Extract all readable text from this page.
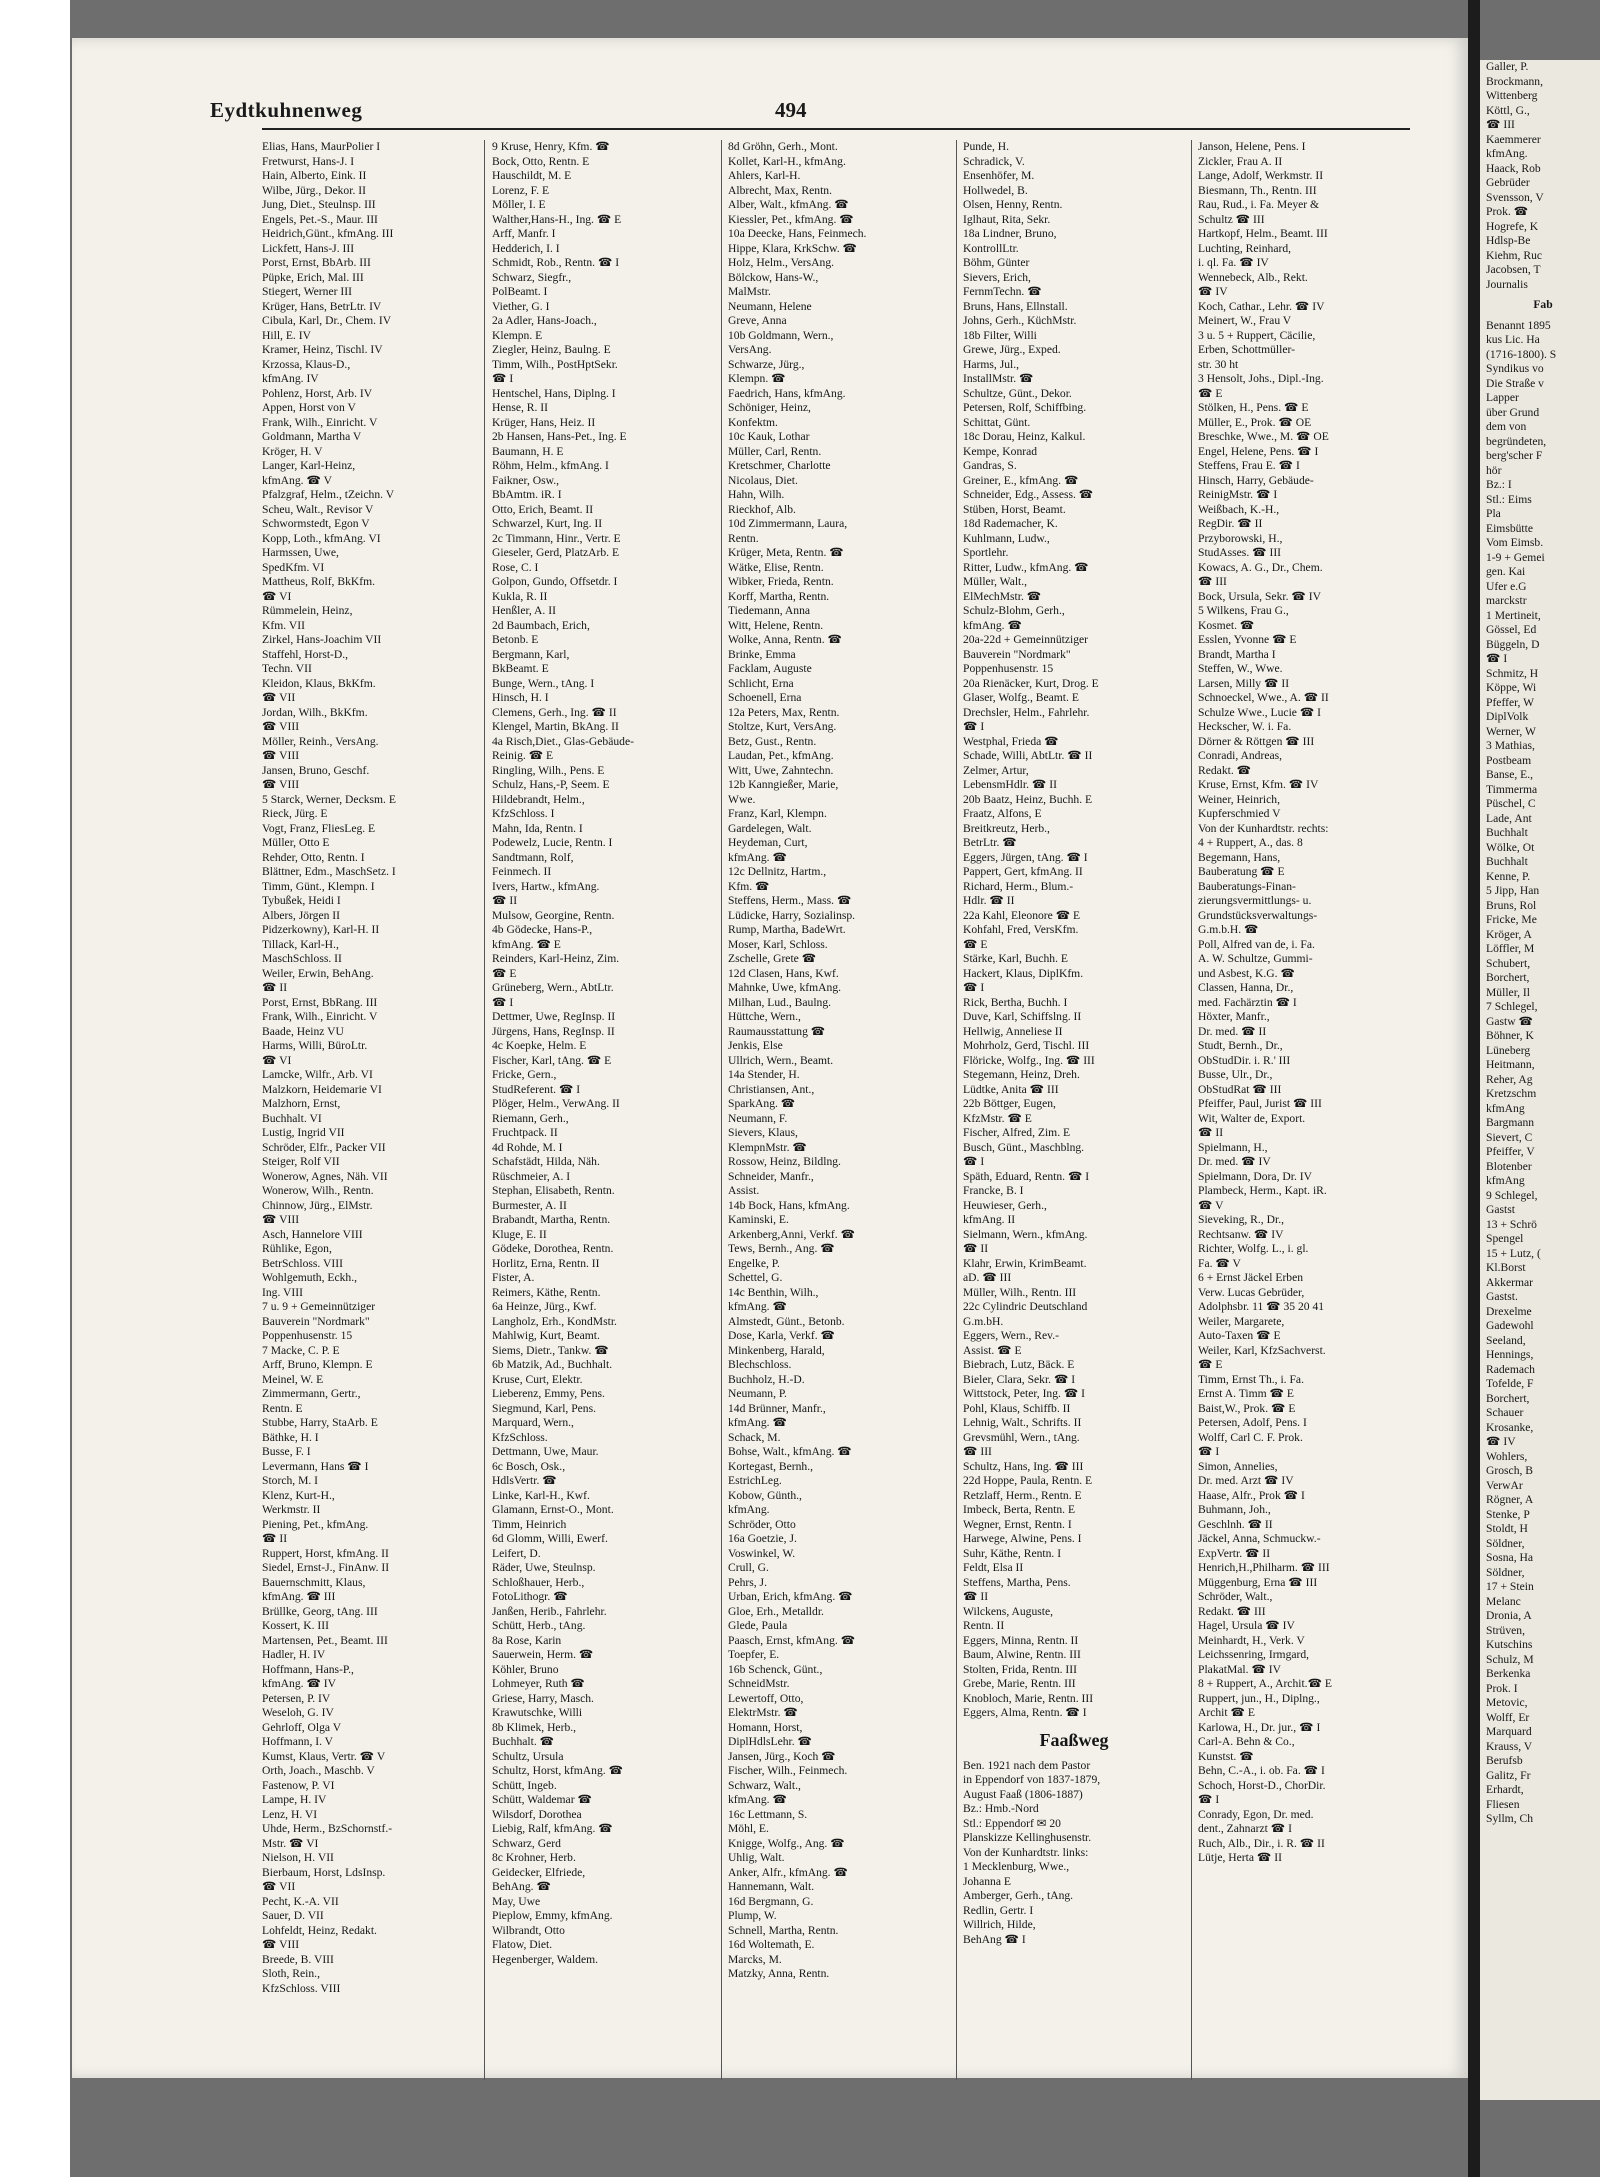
Eydtkuhnenweg	494
Elias, Hans, MaurPolier I
Fretwurst, Hans-J. I
Hain, Alberto, Eink. II
Wilbe, Jürg., Dekor. II
Jung, Diet., Steulnsp. III
Engels, Pet.-S., Maur. III
Heidrich,Günt., kfmAng. III
Lickfett, Hans-J. III
Porst, Ernst, BbArb. III
Püpke, Erich, Mal. III
Stiegert, Werner III
Krüger, Hans, BetrLtr. IV
Cibula, Karl, Dr., Chem. IV
Hill, E. IV
Kramer, Heinz, Tischl. IV
Krzossa, Klaus-D.,
kfmAng. IV
Pohlenz, Horst, Arb. IV
Appen, Horst von V
Frank, Wilh., Einricht. V
Goldmann, Martha V
Kröger, H. V
Langer, Karl-Heinz,
kfmAng. ☎ V
Pfalzgraf, Helm., tZeichn. V
Scheu, Walt., Revisor V
Schwormstedt, Egon V
Kopp, Loth., kfmAng. VI
Harmssen, Uwe,
SpedKfm. VI
Mattheus, Rolf, BkKfm.
☎ VI
Rümmelein, Heinz,
Kfm. VII
Zirkel, Hans-Joachim VII
Staffehl, Horst-D.,
Techn. VII
Kleidon, Klaus, BkKfm.
☎ VII
Jordan, Wilh., BkKfm.
☎ VIII
Möller, Reinh., VersAng.
☎ VIII
Jansen, Bruno, Geschf.
☎ VIII
5 Starck, Werner, Decksm. E
Rieck, Jürg. E
Vogt, Franz, FliesLeg. E
Müller, Otto E
Rehder, Otto, Rentn. I
Blättner, Edm., MaschSetz. I
Timm, Günt., Klempn. I
Tybußek, Heidi I
Albers, Jörgen II
Pidzerkowny), Karl-H. II
Tillack, Karl-H.,
MaschSchloss. II
Weiler, Erwin, BehAng.
☎ II
Porst, Ernst, BbRang. III
Frank, Wilh., Einricht. V
Baade, Heinz VU
Harms, Willi, BüroLtr.
☎ VI
Lamcke, Wilfr., Arb. VI
Malzkorn, Heidemarie VI
Malzhorn, Ernst,
Buchhalt. VI
Lustig, Ingrid VII
Schröder, Elfr., Packer VII
Steiger, Rolf VII
Wonerow, Agnes, Näh. VII
Wonerow, Wilh., Rentn.
Chinnow, Jürg., ElMstr.
☎ VIII
Asch, Hannelore VIII
Rühlike, Egon,
BetrSchloss. VIII
Wohlgemuth, Eckh.,
Ing. VIII
7 u. 9 + Gemeinnütziger
Bauverein "Nordmark"
Poppenhusenstr. 15
7 Macke, C. P. E
Arff, Bruno, Klempn. E
Meinel, W. E
Zimmermann, Gertr.,
Rentn. E
Stubbe, Harry, StaArb. E
Bäthke, H. I
Busse, F. I
Levermann, Hans ☎ I
Storch, M. I
Klenz, Kurt-H.,
Werkmstr. II
Piening, Pet., kfmAng.
☎ II
Ruppert, Horst, kfmAng. II
Siedel, Ernst-J., FinAnw. II
Bauernschmitt, Klaus,
kfmAng. ☎ III
Brüllke, Georg, tAng. III
Kossert, K. III
Martensen, Pet., Beamt. III
Hadler, H. IV
Hoffmann, Hans-P.,
kfmAng. ☎ IV
Petersen, P. IV
Weseloh, G. IV
Gehrloff, Olga V
Hoffmann, I. V
Kumst, Klaus, Vertr. ☎ V
Orth, Joach., Maschb. V
Fastenow, P. VI
Lampe, H. IV
Lenz, H. VI
Uhde, Herm., BzSchornstf.-
Mstr. ☎ VI
Nielson, H. VII
Bierbaum, Horst, LdsInsp.
☎ VII
Pecht, K.-A. VII
Sauer, D. VII
Lohfeldt, Heinz, Redakt.
☎ VIII
Breede, B. VIII
Sloth, Rein.,
KfzSchloss. VIII
9 Kruse, Henry, Kfm. ☎
Bock, Otto, Rentn. E
Hauschildt, M. E
Lorenz, F. E
Möller, I. E
Walther,Hans-H., Ing. ☎ E
Arff, Manfr. I
Hedderich, I. I
Schmidt, Rob., Rentn. ☎ I
Schwarz, Siegfr.,
PolBeamt. I
Viether, G. I
2a Adler, Hans-Joach.,
Klempn. E
Ziegler, Heinz, Baulng. E
Timm, Wilh., PostHptSekr.
☎ I
Hentschel, Hans, Diplng. I
Hense, R. II
Krüger, Hans, Heiz. II
2b Hansen, Hans-Pet., Ing. E
Baumann, H. E
Röhm, Helm., kfmAng. I
Faikner, Osw.,
BbAmtm. iR. I
Otto, Erich, Beamt. II
Schwarzel, Kurt, Ing. II
2c Timmann, Hinr., Vertr. E
Gieseler, Gerd, PlatzArb. E
Rose, C. I
Golpon, Gundo, Offsetdr. I
Kukla, R. II
Henßler, A. II
2d Baumbach, Erich,
Betonb. E
Bergmann, Karl,
BkBeamt. E
Bunge, Wern., tAng. I
Hinsch, H. I
Clemens, Gerh., Ing. ☎ II
Klengel, Martin, BkAng. II
4a Risch,Diet., Glas-Gebäude-
Reinig. ☎ E
Ringling, Wilh., Pens. E
Schulz, Hans,-P, Seem. E
Hildebrandt, Helm.,
KfzSchloss. I
Mahn, Ida, Rentn. I
Podewelz, Lucie, Rentn. I
Sandtmann, Rolf,
Feinmech. II
Ivers, Hartw., kfmAng.
☎ II
Mulsow, Georgine, Rentn.
4b Gödecke, Hans-P.,
kfmAng. ☎ E
Reinders, Karl-Heinz, Zim.
☎ E
Grüneberg, Wern., AbtLtr.
☎ I
Dettmer, Uwe, RegInsp. II
Jürgens, Hans, RegInsp. II
4c Koepke, Helm. E
Fischer, Karl, tAng. ☎ E
Fricke, Gern.,
StudReferent. ☎ I
Plöger, Helm., VerwAng. II
Riemann, Gerh.,
Fruchtpack. II
4d Rohde, M. I
Schafstädt, Hilda, Näh.
Rüschmeier, A. I
Stephan, Elisabeth, Rentn.
Burmester, A. II
Brabandt, Martha, Rentn.
Kluge, E. II
Gödeke, Dorothea, Rentn.
Horlitz, Erna, Rentn. II
Fister, A.
Reimers, Käthe, Rentn.
6a Heinze, Jürg., Kwf.
Langholz, Erh., KondMstr.
Mahlwig, Kurt, Beamt.
Siems, Dietr., Tankw. ☎
6b Matzik, Ad., Buchhalt.
Kruse, Curt, Elektr.
Lieberenz, Emmy, Pens.
Siegmund, Karl, Pens.
Marquard, Wern.,
KfzSchloss.
Dettmann, Uwe, Maur.
6c Bosch, Osk.,
HdlsVertr. ☎
Linke, Karl-H., Kwf.
Glamann, Ernst-O., Mont.
Timm, Heinrich
6d Glomm, Willi, Ewerf.
Leifert, D.
Räder, Uwe, Steulnsp.
Schloßhauer, Herb.,
FotoLithogr. ☎
Janßen, Herib., Fahrlehr.
Schütt, Herb., tAng.
8a Rose, Karin
Sauerwein, Herm. ☎
Köhler, Bruno
Lohmeyer, Ruth ☎
Griese, Harry, Masch.
Krawutschke, Willi
8b Klimek, Herb.,
Buchhalt. ☎
Schultz, Ursula
Schultz, Horst, kfmAng. ☎
Schütt, Ingeb.
Schütt, Waldemar ☎
Wilsdorf, Dorothea
Liebig, Ralf, kfmAng. ☎
Schwarz, Gerd
8c Krohner, Herb.
Geidecker, Elfriede,
BehAng. ☎
May, Uwe
Pieplow, Emmy, kfmAng.
Wilbrandt, Otto
Flatow, Diet.
Hegenberger, Waldem.
8d Gröhn, Gerh., Mont.
Kollet, Karl-H., kfmAng.
Ahlers, Karl-H.
Albrecht, Max, Rentn.
Alber, Walt., kfmAng. ☎
Kiessler, Pet., kfmAng. ☎
10a Deecke, Hans, Feinmech.
Hippe, Klara, KrkSchw. ☎
Holz, Helm., VersAng.
Bölckow, Hans-W.,
MalMstr.
Neumann, Helene
Greve, Anna
10b Goldmann, Wern.,
VersAng.
Schwarze, Jürg.,
Klempn. ☎
Faedrich, Hans, kfmAng.
Schöniger, Heinz,
Konfektm.
10c Kauk, Lothar
Müller, Carl, Rentn.
Kretschmer, Charlotte
Nicolaus, Diet.
Hahn, Wilh.
Rieckhof, Alb.
10d Zimmermann, Laura,
Rentn.
Krüger, Meta, Rentn. ☎
Wätke, Elise, Rentn.
Wibker, Frieda, Rentn.
Korff, Martha, Rentn.
Tiedemann, Anna
Witt, Helene, Rentn.
Wolke, Anna, Rentn. ☎
Brinke, Emma
Facklam, Auguste
Schlicht, Erna
Schoenell, Erna
12a Peters, Max, Rentn.
Stoltze, Kurt, VersAng.
Betz, Gust., Rentn.
Laudan, Pet., kfmAng.
Witt, Uwe, Zahntechn.
12b Kanngießer, Marie,
Wwe.
Franz, Karl, Klempn.
Gardelegen, Walt.
Heydeman, Curt,
kfmAng. ☎
12c Dellnitz, Hartm.,
Kfm. ☎
Steffens, Herm., Mass. ☎
Lüdicke, Harry, Sozialinsp.
Rump, Martha, BadeWrt.
Moser, Karl, Schloss.
Zschelle, Grete ☎
12d Clasen, Hans, Kwf.
Mahnke, Uwe, kfmAng.
Milhan, Lud., Baulng.
Hüttche, Wern.,
Raumausstattung ☎
Jenkis, Else
Ullrich, Wern., Beamt.
14a Stender, H.
Christiansen, Ant.,
SparkAng. ☎
Neumann, F.
Sievers, Klaus,
KlempnMstr. ☎
Rossow, Heinz, Bildlng.
Schneider, Manfr.,
Assist.
14b Bock, Hans, kfmAng.
Kaminski, E.
Arkenberg,Anni, Verkf. ☎
Tews, Bernh., Ang. ☎
Engelke, P.
Schettel, G.
14c Benthin, Wilh.,
kfmAng. ☎
Almstedt, Günt., Betonb.
Dose, Karla, Verkf. ☎
Minkenberg, Harald,
Blechschloss.
Buchholz, H.-D.
Neumann, P.
14d Brünner, Manfr.,
kfmAng. ☎
Schack, M.
Bohse, Walt., kfmAng. ☎
Kortegast, Bernh.,
EstrichLeg.
Kobow, Günth.,
kfmAng.
Schröder, Otto
16a Goetzie, J.
Voswinkel, W.
Crull, G.
Pehrs, J.
Urban, Erich, kfmAng. ☎
Gloe, Erh., Metalldr.
Glede, Paula
Paasch, Ernst, kfmAng. ☎
Toepfer, E.
16b Schenck, Günt.,
SchneidMstr.
Lewertoff, Otto,
ElektrMstr. ☎
Homann, Horst,
DiplHdlsLehr. ☎
Jansen, Jürg., Koch ☎
Fischer, Wilh., Feinmech.
Schwarz, Walt.,
kfmAng. ☎
16c Lettmann, S.
Möhl, E.
Knigge, Wolfg., Ang. ☎
Uhlig, Walt.
Anker, Alfr., kfmAng. ☎
Hannemann, Walt.
16d Bergmann, G.
Plump, W.
Schnell, Martha, Rentn.
16d Woltemath, E.
Marcks, M.
Matzky, Anna, Rentn.
Punde, H.
Schradick, V.
Ensenhöfer, M.
Hollwedel, B.
Olsen, Henny, Rentn.
Iglhaut, Rita, Sekr.
18a Lindner, Bruno,
KontrollLtr.
Böhm, Günter
Sievers, Erich,
FernmTechn. ☎
Bruns, Hans, Ellnstall.
Johns, Gerh., KüchMstr.
18b Filter, Willi
Grewe, Jürg., Exped.
Harms, Jul.,
InstallMstr. ☎
Schultze, Günt., Dekor.
Petersen, Rolf, Schiffbing.
Schittat, Günt.
18c Dorau, Heinz, Kalkul.
Kempe, Konrad
Gandras, S.
Greiner, E., kfmAng. ☎
Schneider, Edg., Assess. ☎
Stüben, Horst, Beamt.
18d Rademacher, K.
Kuhlmann, Ludw.,
Sportlehr.
Ritter, Ludw., kfmAng. ☎
Müller, Walt.,
ElMechMstr. ☎
Schulz-Blohm, Gerh.,
kfmAng. ☎
20a-22d + Gemeinnütziger
Bauverein "Nordmark"
Poppenhusenstr. 15
20a Rienäcker, Kurt, Drog. E
Glaser, Wolfg., Beamt. E
Drechsler, Helm., Fahrlehr.
☎ I
Westphal, Frieda ☎
Schade, Willi, AbtLtr. ☎ II
Zelmer, Artur,
LebensmHdlr. ☎ II
20b Baatz, Heinz, Buchh. E
Fraatz, Alfons, E
Breitkreutz, Herb.,
BetrLtr. ☎
Eggers, Jürgen, tAng. ☎ I
Pappert, Gert, kfmAng. II
Richard, Herm., Blum.-
Hdlr. ☎ II
22a Kahl, Eleonore ☎ E
Kohfahl, Fred, VersKfm.
☎ E
Stärke, Karl, Buchh. E
Hackert, Klaus, DiplKfm.
☎ I
Rick, Bertha, Buchh. I
Duve, Karl, Schiffslng. II
Hellwig, Anneliese II
Mohrholz, Gerd, Tischl. III
Flöricke, Wolfg., Ing. ☎ III
Stegemann, Heinz, Dreh.
Lüdtke, Anita ☎ III
22b Böttger, Eugen,
KfzMstr. ☎ E
Fischer, Alfred, Zim. E
Busch, Günt., Maschblng.
☎ I
Späth, Eduard, Rentn. ☎ I
Francke, B. I
Heuwieser, Gerh.,
kfmAng. II
Sielmann, Wern., kfmAng.
☎ II
Klahr, Erwin, KrimBeamt.
aD. ☎ III
Müller, Wilh., Rentn. III
22c Cylindric Deutschland
G.m.bH.
Eggers, Wern., Rev.-
Assist. ☎ E
Biebrach, Lutz, Bäck. E
Bieler, Clara, Sekr. ☎ I
Wittstock, Peter, Ing. ☎ I
Pohl, Klaus, Schiffb. II
Lehnig, Walt., Schrifts. II
Grevsmühl, Wern., tAng.
☎ III
Schultz, Hans, Ing. ☎ III
22d Hoppe, Paula, Rentn. E
Retzlaff, Herm., Rentn. E
Imbeck, Berta, Rentn. E
Wegner, Ernst, Rentn. I
Harwege, Alwine, Pens. I
Suhr, Käthe, Rentn. I
Feldt, Elsa II
Steffens, Martha, Pens.
☎ II
Wilckens, Auguste,
Rentn. II
Eggers, Minna, Rentn. II
Baum, Alwine, Rentn. III
Stolten, Frida, Rentn. III
Grebe, Marie, Rentn. III
Knobloch, Marie, Rentn. III
Eggers, Alma, Rentn. ☎ I
Faaßweg
Ben. 1921 nach dem Pastor
in Eppendorf von 1837-1879,
August Faaß (1806-1887)
Bz.: Hmb.-Nord
Stl.: Eppendorf ✉ 20
Planskizze Kellinghusenstr.
Von der Kunhardtstr. links:
1 Mecklenburg, Wwe.,
Johanna E
Amberger, Gerh., tAng.
Redlin, Gertr. I
Willrich, Hilde,
BehAng ☎ I
Janson, Helene, Pens. I
Zickler, Frau A. II
Lange, Adolf, Werkmstr. II
Biesmann, Th., Rentn. III
Rau, Rud., i. Fa. Meyer &
Schultz ☎ III
Hartkopf, Helm., Beamt. III
Luchting, Reinhard,
i. ql. Fa. ☎ IV
Wennebeck, Alb., Rekt.
☎ IV
Koch, Cathar., Lehr. ☎ IV
Meinert, W., Frau V
3 u. 5 + Ruppert, Cäcilie,
Erben, Schottmüller-
str. 30 ht
3 Hensolt, Johs., Dipl.-Ing.
☎ E
Stölken, H., Pens. ☎ E
Müller, E., Prok. ☎ OE
Breschke, Wwe., M. ☎ OE
Engel, Helene, Pens. ☎ I
Steffens, Frau E. ☎ I
Hinsch, Harry, Gebäude-
ReinigMstr. ☎ I
Weißbach, K.-H.,
RegDir. ☎ II
Przyborowski, H.,
StudAsses. ☎ III
Kowacs, A. G., Dr., Chem.
☎ III
Bock, Ursula, Sekr. ☎ IV
5 Wilkens, Frau G.,
Kosmet. ☎
Esslen, Yvonne ☎ E
Brandt, Martha I
Steffen, W., Wwe.
Larsen, Milly ☎ II
Schnoeckel, Wwe., A. ☎ II
Schulze Wwe., Lucie ☎ I
Heckscher, W. i. Fa.
Dörner & Röttgen ☎ III
Conradi, Andreas,
Redakt. ☎
Kruse, Ernst, Kfm. ☎ IV
Weiner, Heinrich,
Kupferschmied V
Von der Kunhardtstr. rechts:
4 + Ruppert, A., das. 8
Begemann, Hans,
Bauberatung ☎ E
Bauberatungs-Finan-
zierungsvermittlungs- u.
Grundstücksverwaltungs-
G.m.b.H. ☎
Poll, Alfred van de, i. Fa.
A. W. Schultze, Gummi-
und Asbest, K.G. ☎
Classen, Hanna, Dr.,
med. Fachärztin ☎ I
Höxter, Manfr.,
Dr. med. ☎ II
Studt, Bernh., Dr.,
ObStudDir. i. R.' III
Busse, Ulr., Dr.,
ObStudRat ☎ III
Pfeiffer, Paul, Jurist ☎ III
Wit, Walter de, Export.
☎ II
Spielmann, H.,
Dr. med. ☎ IV
Spielmann, Dora, Dr. IV
Plambeck, Herm., Kapt. iR.
☎ V
Sieveking, R., Dr.,
Rechtsanw. ☎ IV
Richter, Wolfg. L., i. gl.
Fa. ☎ V
6 + Ernst Jäckel Erben
Verw. Lucas Gebrüder,
Adolphsbr. 11 ☎ 35 20 41
Weiler, Margarete,
Auto-Taxen ☎ E
Weiler, Karl, KfzSachverst.
☎ E
Timm, Ernst Th., i. Fa.
Ernst A. Timm ☎ E
Baist,W., Prok. ☎ E
Petersen, Adolf, Pens. I
Wolff, Carl C. F. Prok.
☎ I
Simon, Annelies,
Dr. med. Arzt ☎ IV
Haase, Alfr., Prok ☎ I
Buhmann, Joh.,
Geschlnh. ☎ II
Jäckel, Anna, Schmuckw.-
ExpVertr. ☎ II
Henrich,H.,Philharm. ☎ III
Müggenburg, Erna ☎ III
Schröder, Walt.,
Redakt. ☎ III
Hagel, Ursula ☎ IV
Meinhardt, H., Verk. V
Leichssenring, Irmgard,
PlakatMal. ☎ IV
8 + Ruppert, A., Archit.☎ E
Ruppert, jun., H., Diplng.,
Archit ☎ E
Karlowa, H., Dr. jur., ☎ I
Carl-A. Behn & Co.,
Kunstst. ☎
Behn, C.-A., i. ob. Fa. ☎ I
Schoch, Horst-D., ChorDir.
☎ I
Conrady, Egon, Dr. med.
dent., Zahnarzt ☎ I
Ruch, Alb., Dir., i. R. ☎ II
Lütje, Herta ☎ II
Galler, P.
Brockmann,
Wittenberg
Köttl, G.,
☎ III
Kaemmerer
kfmAng.
Haack, Rob
Gebrüder
Svensson, V
Prok. ☎
Hogrefe, K
Hdlsp-Be
Kiehm, Ruc
Jacobsen, T
Journalis
Fab
Benannt 1895
kus Lic. Ha
(1716-1800). S
Syndikus vo
Die Straße v
Lapper
über Grund
dem von
begründeten,
berg'scher F
hör
Bz.: I
Stl.: Eims
Pla
Eimsbütte
Vom Eimsb.
1-9 + Gemei
gen. Kai
Ufer e.G
marckstr
1 Mertineit,
Gössel, Ed
Büggeln, D
☎ I
Schmitz, H
Köppe, Wi
Pfeffer, W
DiplVolk
Werner, W
3 Mathias,
Postbeam
Banse, E.,
Timmerma
Püschel, C
Lade, Ant
Buchhalt
Wölke, Ot
Buchhalt
Kenne, P.
5 Jipp, Han
Bruns, Rol
Fricke, Me
Kröger, A
Löffler, M
Schubert,
Borchert,
Müller, Il
7 Schlegel,
Gastw ☎
Böhner, K
Lüneberg
Heitmann,
Reher, Ag
Kretzschm
kfmAng
Bargmann
Sievert, C
Pfeiffer, V
Blotenber
kfmAng
9 Schlegel,
Gastst
13 + Schrö
Spengel
15 + Lutz, (
Kl.Borst
Akkermar
Gastst.
Drexelme
Gadewohl
Seeland,
Hennings,
Rademach
Tofelde, F
Borchert,
Schauer
Krosanke,
☎ IV
Wohlers,
Grosch, B
VerwAr
Rögner, A
Stenke, P
Stoldt, H
Söldner,
Sosna, Ha
Söldner,
17 + Stein
Melanc
Dronia, A
Strüven,
Kutschins
Schulz, M
Berkenka
Prok. I
Metovic,
Wolff, Er
Marquard
Krauss, V
Berufsb
Galitz, Fr
Erhardt,
Fliesen
Syllm, Ch
